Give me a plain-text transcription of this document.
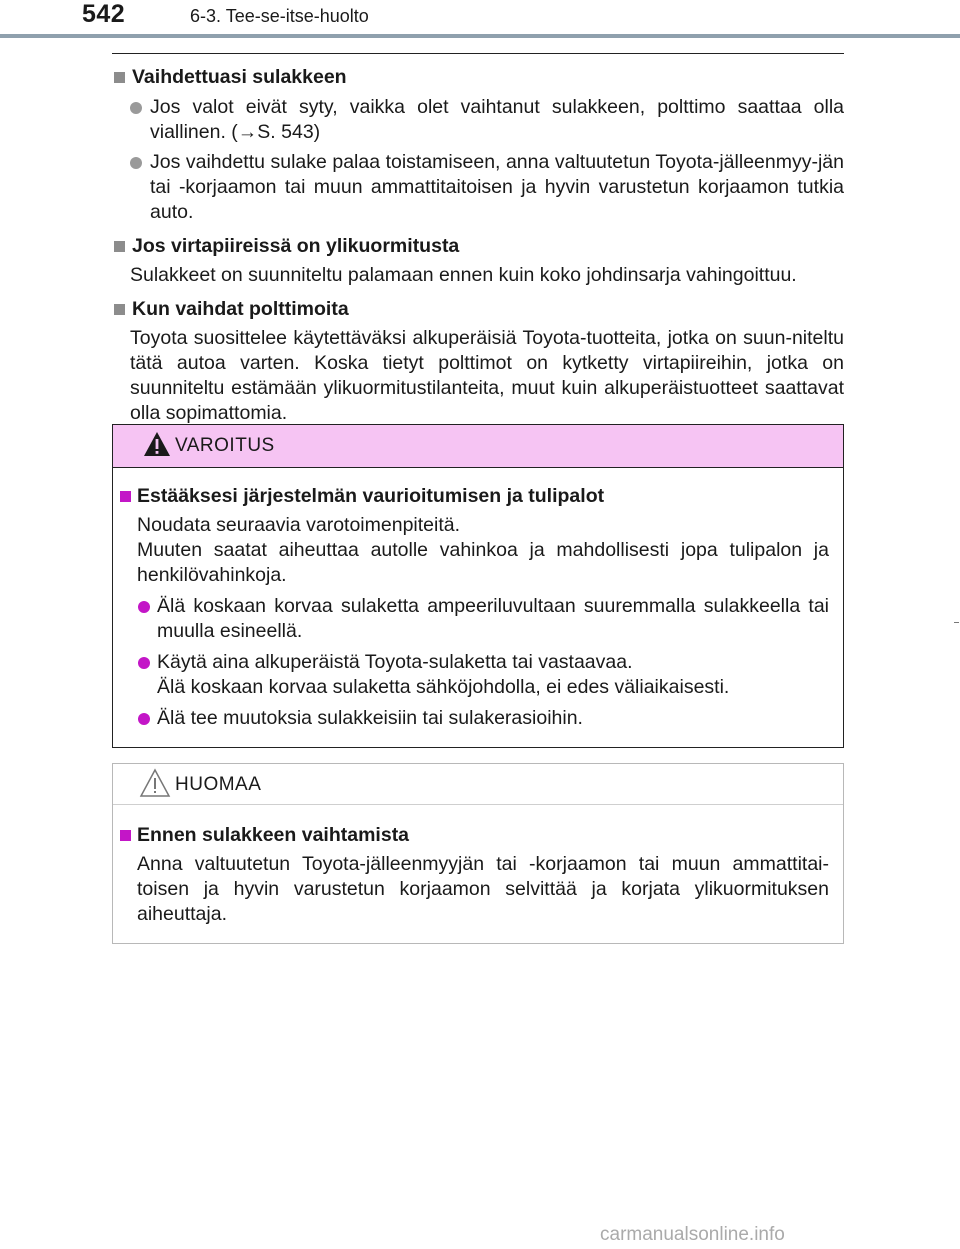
542	6-3. Tee-se-itse-huolto
Vaihdettuasi sulakkeen
Jos valot eivät syty, vaikka olet vaihtanut sulakkeen, polttimo saattaa olla viallinen. (→S. 543)
Jos vaihdettu sulake palaa toistamiseen, anna valtuutetun Toyota-jälleenmyy-jän tai -korjaamon tai muun ammattitaitoisen ja hyvin varustetun korjaamon tutkia auto.
Jos virtapiireissä on ylikuormitusta
Sulakkeet on suunniteltu palamaan ennen kuin koko johdinsarja vahingoittuu.
Kun vaihdat polttimoita
Toyota suosittelee käytettäväksi alkuperäisiä Toyota-tuotteita, jotka on suun-niteltu tätä autoa varten. Koska tietyt polttimot on kytketty virtapiireihin, jotka on suunniteltu estämään ylikuormitustilanteita, muut kuin alkuperäistuotteet saattavat olla sopimattomia.
VAROITUS
Estääksesi järjestelmän vaurioitumisen ja tulipalot
Noudata seuraavia varotoimenpiteitä.
Muuten saatat aiheuttaa autolle vahinkoa ja mahdollisesti jopa tulipalon ja henkilövahinkoja.
Älä koskaan korvaa sulaketta ampeeriluvultaan suuremmalla sulakkeella tai muulla esineellä.
Käytä aina alkuperäistä Toyota-sulaketta tai vastaavaa.
Älä koskaan korvaa sulaketta sähköjohdolla, ei edes väliaikaisesti.
Älä tee muutoksia sulakkeisiin tai sulakerasioihin.
HUOMAA
Ennen sulakkeen vaihtamista
Anna valtuutetun Toyota-jälleenmyyjän tai -korjaamon tai muun ammattitai-toisen ja hyvin varustetun korjaamon selvittää ja korjata ylikuormituksen aiheuttaja.
carmanualsonline.info
